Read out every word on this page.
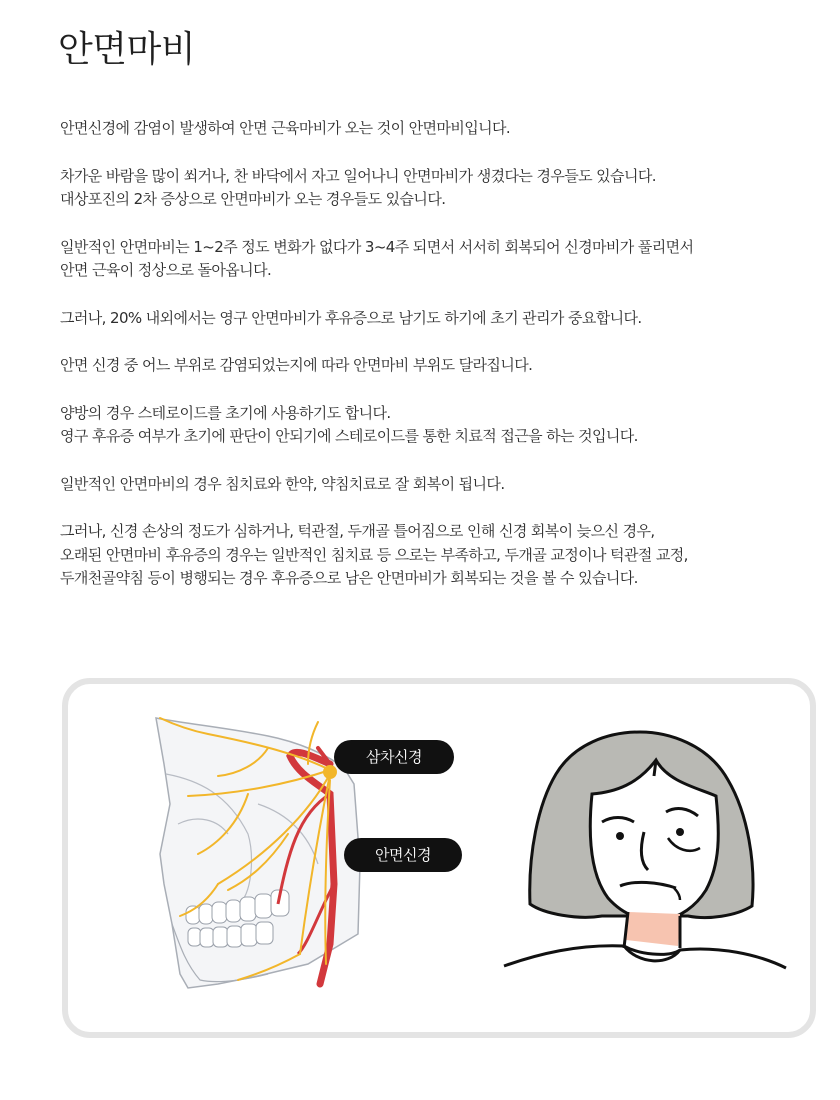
안면마비
안면신경에 감염이 발생하여 안면 근육마비가 오는 것이 안면마비입니다.
차가운 바람을 많이 쐬거나, 찬 바닥에서 자고 일어나니 안면마비가 생겼다는 경우들도 있습니다.
대상포진의 2차 증상으로 안면마비가 오는 경우들도 있습니다.
일반적인 안면마비는 1~2주 정도 변화가 없다가 3~4주 되면서 서서히 회복되어 신경마비가 풀리면서
안면 근육이 정상으로 돌아옵니다.
그러나, 20% 내외에서는 영구 안면마비가 후유증으로 남기도 하기에 초기 관리가 중요합니다.
안면 신경 중 어느 부위로 감염되었는지에 따라 안면마비 부위도 달라집니다.
양방의 경우 스테로이드를 초기에 사용하기도 합니다.
영구 후유증 여부가 초기에 판단이 안되기에 스테로이드를 통한 치료적 접근을 하는 것입니다.
일반적인 안면마비의 경우 침치료와 한약, 약침치료로 잘 회복이 됩니다.
그러나, 신경 손상의 정도가 심하거나, 턱관절, 두개골 틀어짐으로 인해 신경 회복이 늦으신 경우,
오래된 안면마비 후유증의 경우는 일반적인 침치료 등 으로는 부족하고, 두개골 교정이나 턱관절 교정,
두개천골약침 등이 병행되는 경우 후유증으로 남은 안면마비가 회복되는 것을 볼 수 있습니다.
삼차신경
안면신경
